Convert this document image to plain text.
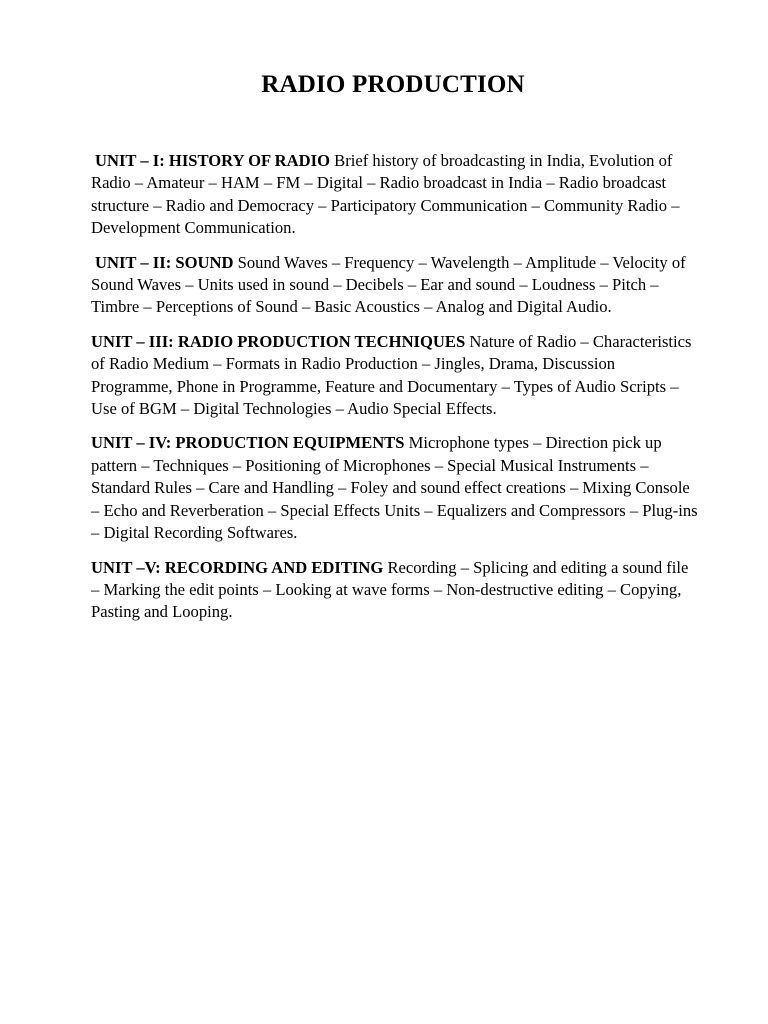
RADIO PRODUCTION

UNIT – I: HISTORY OF RADIO Brief history of broadcasting in India, Evolution of Radio – Amateur – HAM – FM – Digital – Radio broadcast in India – Radio broadcast structure – Radio and Democracy – Participatory Communication – Community Radio – Development Communication.

UNIT – II: SOUND Sound Waves – Frequency – Wavelength – Amplitude – Velocity of Sound Waves – Units used in sound – Decibels – Ear and sound – Loudness – Pitch – Timbre – Perceptions of Sound – Basic Acoustics – Analog and Digital Audio.

UNIT – III: RADIO PRODUCTION TECHNIQUES Nature of Radio – Characteristics of Radio Medium – Formats in Radio Production – Jingles, Drama, Discussion Programme, Phone in Programme, Feature and Documentary – Types of Audio Scripts – Use of BGM – Digital Technologies – Audio Special Effects.

UNIT – IV: PRODUCTION EQUIPMENTS Microphone types – Direction pick up pattern – Techniques – Positioning of Microphones – Special Musical Instruments – Standard Rules – Care and Handling – Foley and sound effect creations – Mixing Console – Echo and Reverberation – Special Effects Units – Equalizers and Compressors – Plug-ins – Digital Recording Softwares.

UNIT –V: RECORDING AND EDITING Recording – Splicing and editing a sound file – Marking the edit points – Looking at wave forms – Non-destructive editing – Copying, Pasting and Looping.
